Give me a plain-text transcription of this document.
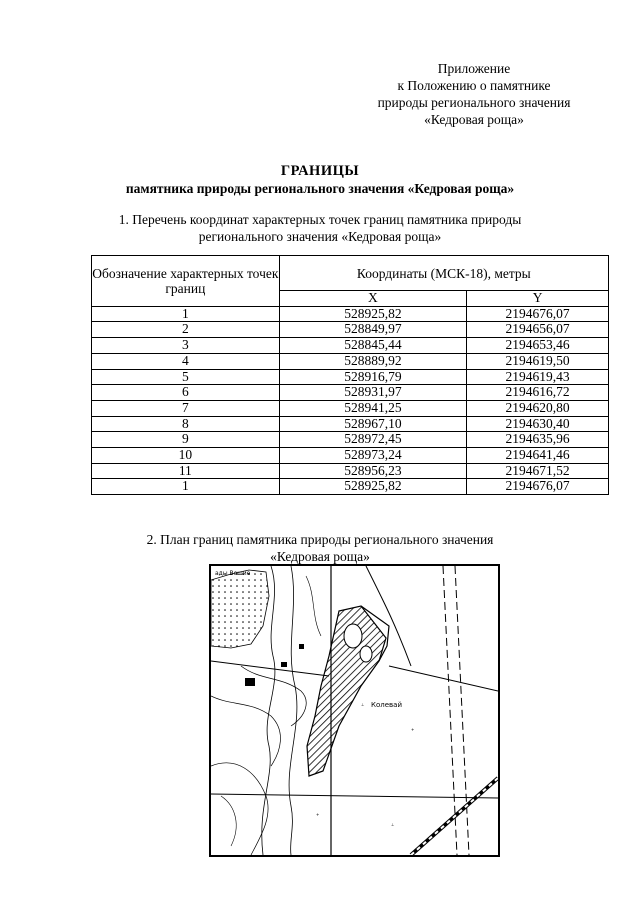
Приложение
к Положению о памятнике
природы регионального значения
«Кедровая роща»
ГРАНИЦЫ
памятника природы регионального значения «Кедровая роща»
1. Перечень координат характерных точек границ памятника природы
регионального значения «Кедровая роща»
Обозначение характерных точек границ	Координаты (МСК-18), метры	
	X	Y
1	528925,82	2194676,07
2	528849,97	2194656,07
3	528845,44	2194653,46
4	528889,92	2194619,50
5	528916,79	2194619,43
6	528931,97	2194616,72
7	528941,25	2194620,80
8	528967,10	2194630,40
9	528972,45	2194635,96
10	528973,24	2194641,46
11	528956,23	2194671,52
1	528925,82	2194676,07
2. План границ памятника природы регионального значения
«Кедровая роща»
⊥
+
+
⊥
ады Вешие
Колевай
